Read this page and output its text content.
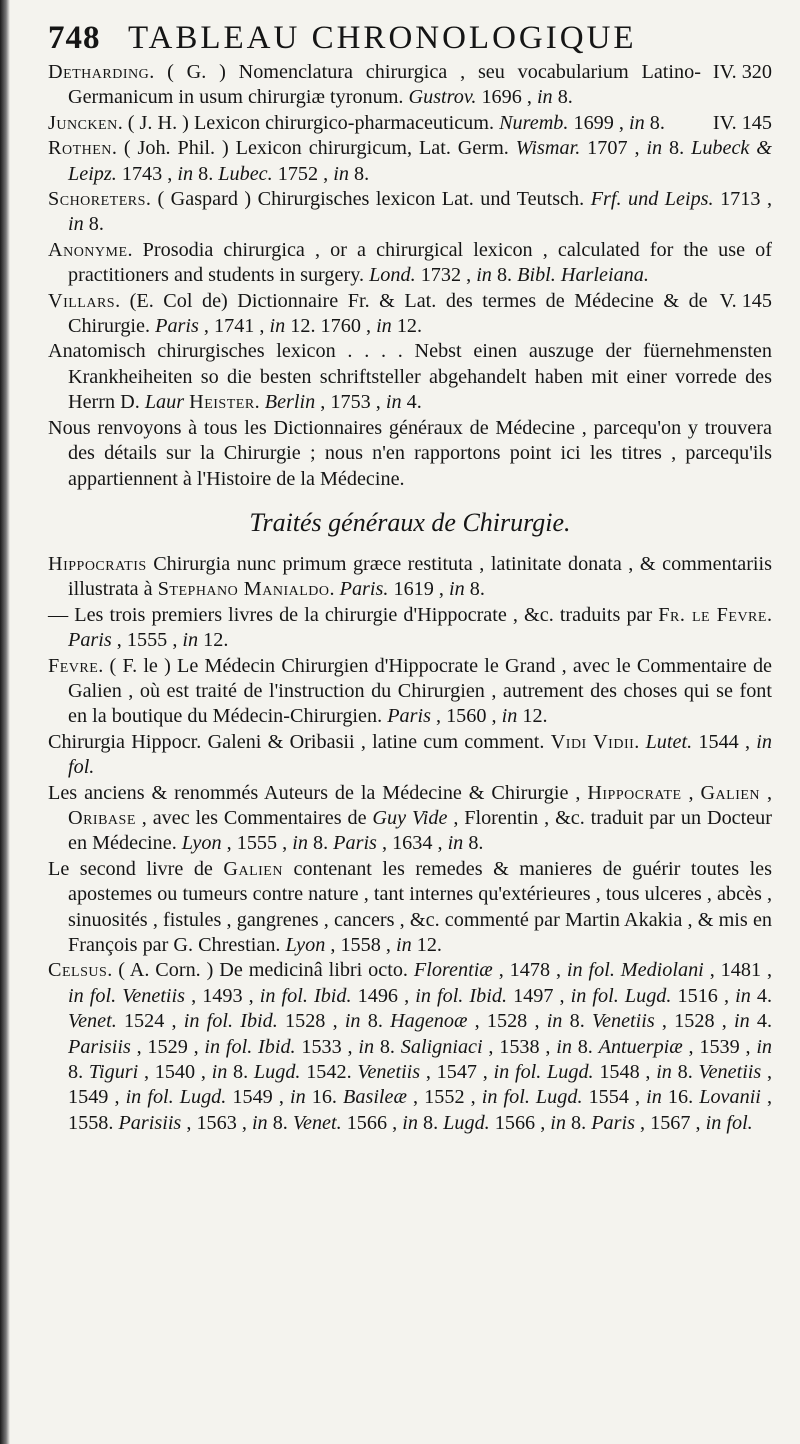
748 TABLEAU CHRONOLOGIQUE

IV. 320
Detharding. ( G. ) Nomenclatura chirurgica , seu vocabularium Latino-Germanicum in usum chirurgiæ tyronum. Gustrov. 1696 , in 8.

IV. 145
Juncken. ( J. H. ) Lexicon chirurgico-pharmaceuticum. Nuremb. 1699 , in 8.

Rothen. ( Joh. Phil. ) Lexicon chirurgicum, Lat. Germ. Wismar. 1707 , in 8. Lubeck & Leipz. 1743 , in 8. Lubec. 1752 , in 8.

Schoreters. ( Gaspard ) Chirurgisches lexicon Lat. und Teutsch. Frf. und Leips. 1713 , in 8.

Anonyme. Prosodia chirurgica , or a chirurgical lexicon , calculated for the use of practitioners and students in surgery. Lond. 1732 , in 8. Bibl. Harleiana.

V. 145
Villars. (E. Col de) Dictionnaire Fr. & Lat. des termes de Médecine & de Chirurgie. Paris , 1741 , in 12. 1760 , in 12.

Anatomisch chirurgisches lexicon . . . . Nebst einen auszuge der füernehmensten Krankheiheiten so die besten schriftsteller abgehandelt haben mit einer vorrede des Herrn D. Laur Heister. Berlin , 1753 , in 4.

Nous renvoyons à tous les Dictionnaires généraux de Médecine , parcequ'on y trouvera des détails sur la Chirurgie ; nous n'en rapportons point ici les titres , parcequ'ils appartiennent à l'Histoire de la Médecine.

Traités généraux de Chirurgie.

Hippocratis Chirurgia nunc primum græce restituta , latinitate donata , & commentariis illustrata à Stephano Manialdo. Paris. 1619 , in 8.

— Les trois premiers livres de la chirurgie d'Hippocrate , &c. traduits par Fr. le Fevre. Paris , 1555 , in 12.

Fevre. ( F. le ) Le Médecin Chirurgien d'Hippocrate le Grand , avec le Commentaire de Galien , où est traité de l'instruction du Chirurgien , autrement des choses qui se font en la boutique du Médecin-Chirurgien. Paris , 1560 , in 12.

Chirurgia Hippocr. Galeni & Oribasii , latine cum comment. Vidi Vidii. Lutet. 1544 , in fol.

Les anciens & renommés Auteurs de la Médecine & Chirurgie , Hippocrate , Galien , Oribase , avec les Commentaires de Guy Vide , Florentin , &c. traduit par un Docteur en Médecine. Lyon , 1555 , in 8. Paris , 1634 , in 8.

Le second livre de Galien contenant les remedes & manieres de guérir toutes les apostemes ou tumeurs contre nature , tant internes qu'extérieures , tous ulceres , abcès , sinuosités , fistules , gangrenes , cancers , &c. commenté par Martin Akakia , & mis en François par G. Chrestian. Lyon , 1558 , in 12.

Celsus. ( A. Corn. ) De medicinâ libri octo. Florentiæ , 1478 , in fol. Mediolani , 1481 , in fol. Venetiis , 1493 , in fol. Ibid. 1496 , in fol. Ibid. 1497 , in fol. Lugd. 1516 , in 4. Venet. 1524 , in fol. Ibid. 1528 , in 8. Hagenoæ , 1528 , in 8. Venetiis , 1528 , in 4. Parisiis , 1529 , in fol. Ibid. 1533 , in 8. Saligniaci , 1538 , in 8. Antuerpiæ , 1539 , in 8. Tiguri , 1540 , in 8. Lugd. 1542. Venetiis , 1547 , in fol. Lugd. 1548 , in 8. Venetiis , 1549 , in fol. Lugd. 1549 , in 16. Basileæ , 1552 , in fol. Lugd. 1554 , in 16. Lovanii , 1558. Parisiis , 1563 , in 8. Venet. 1566 , in 8. Lugd. 1566 , in 8. Paris , 1567 , in fol.
